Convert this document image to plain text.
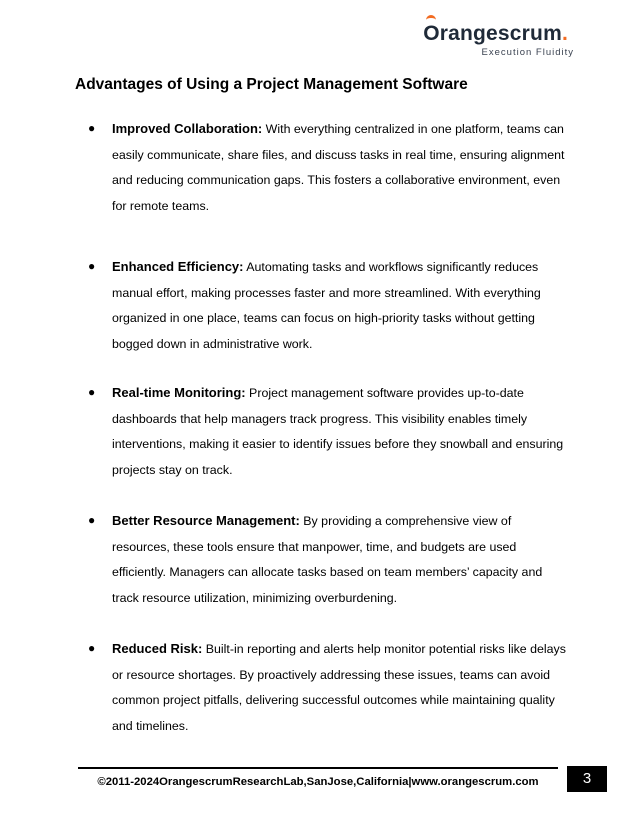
Orangescrum.
Execution Fluidity
Advantages of Using a Project Management Software

● Improved Collaboration: With everything centralized in one platform, teams can easily communicate, share files, and discuss tasks in real time, ensuring alignment and reducing communication gaps. This fosters a collaborative environment, even for remote teams.

● Enhanced Efficiency: Automating tasks and workflows significantly reduces manual effort, making processes faster and more streamlined. With everything organized in one place, teams can focus on high-priority tasks without getting bogged down in administrative work.

● Real-time Monitoring: Project management software provides up-to-date dashboards that help managers track progress. This visibility enables timely interventions, making it easier to identify issues before they snowball and ensuring projects stay on track.

● Better Resource Management: By providing a comprehensive view of resources, these tools ensure that manpower, time, and budgets are used efficiently. Managers can allocate tasks based on team members’ capacity and track resource utilization, minimizing overburdening.

● Reduced Risk: Built-in reporting and alerts help monitor potential risks like delays or resource shortages. By proactively addressing these issues, teams can avoid common project pitfalls, delivering successful outcomes while maintaining quality and timelines.

©2011-2024OrangescrumResearchLab,SanJose,California|www.orangescrum.com	3
